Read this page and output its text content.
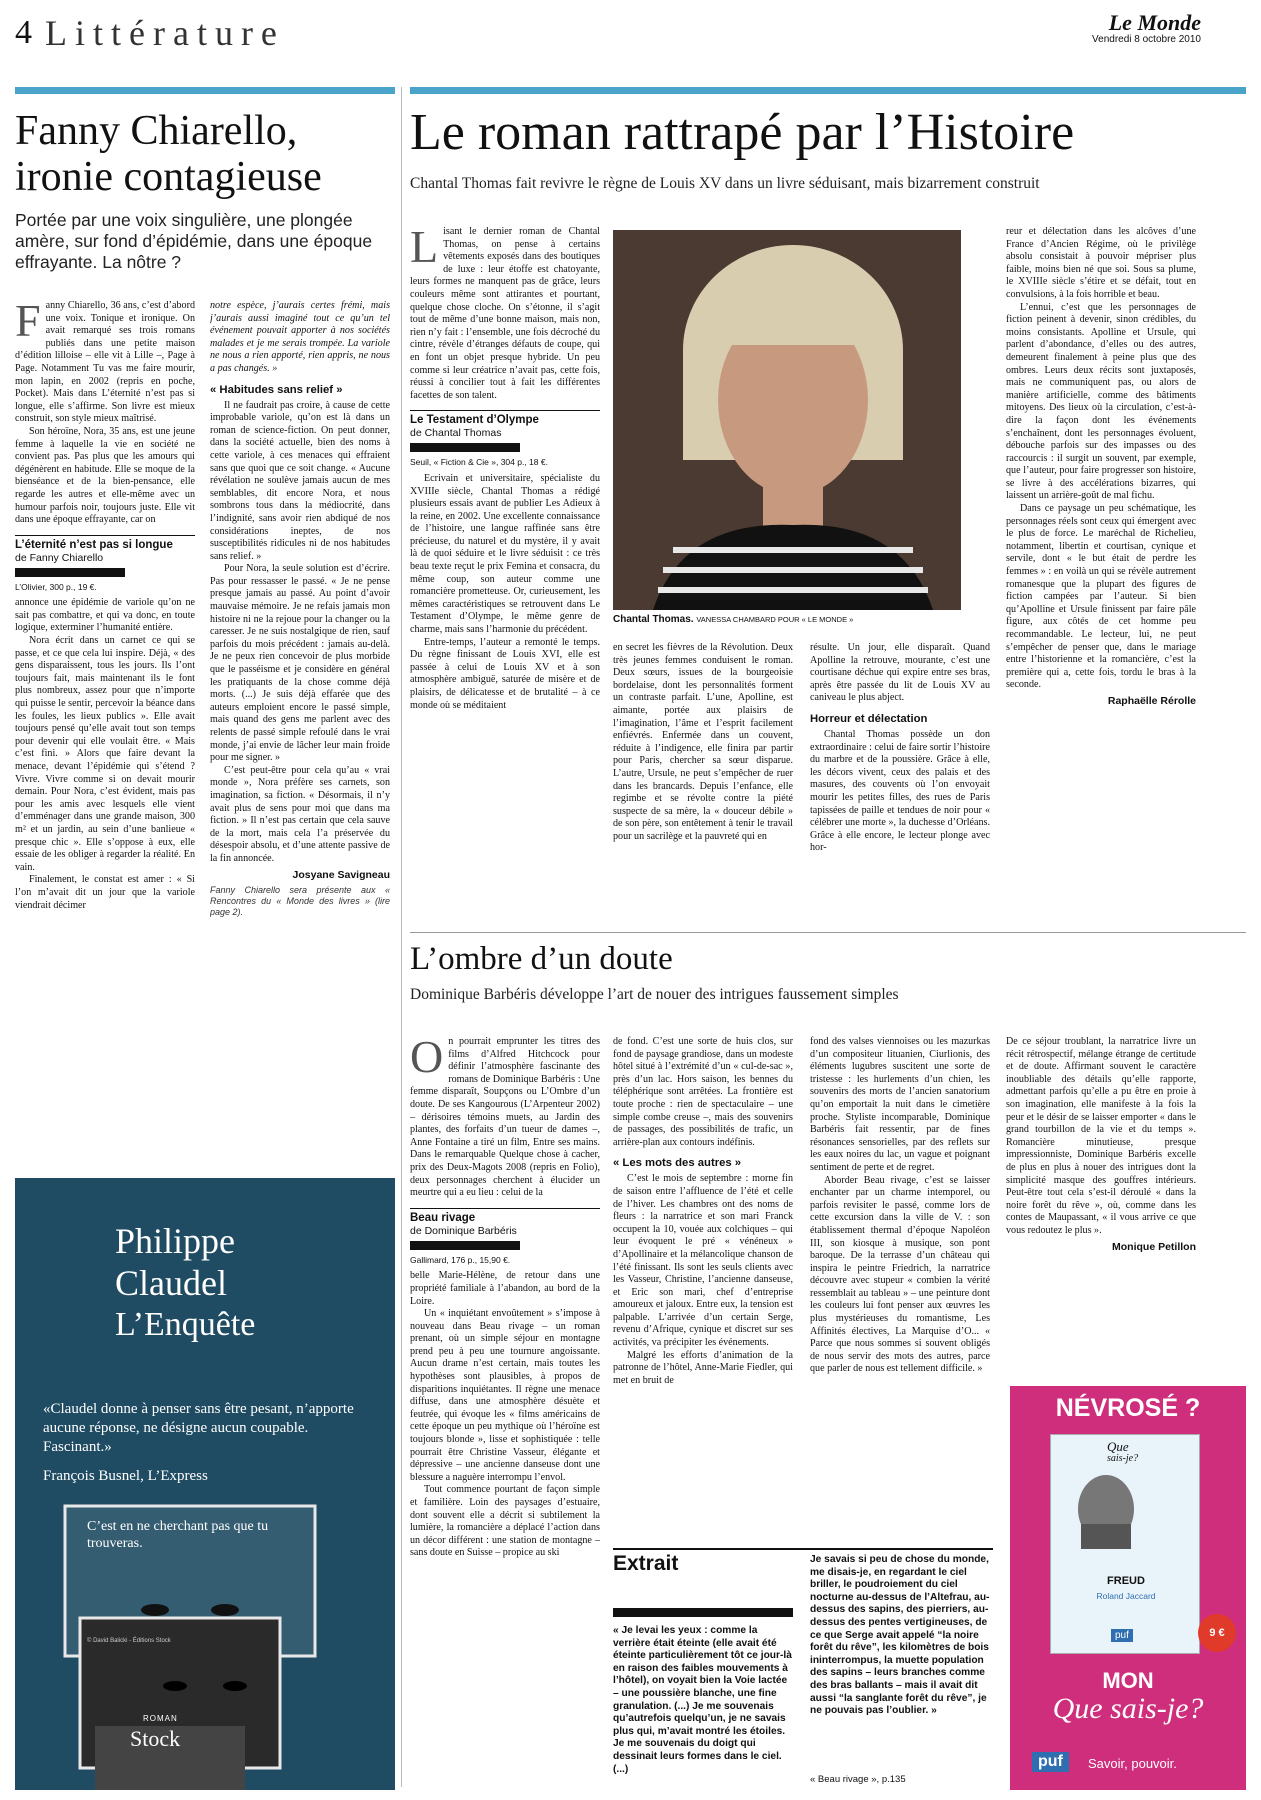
4 Littérature	Le Monde
Vendredi 8 octobre 2010
Fanny Chiarello, ironie contagieuse
Portée par une voix singulière, une plongée amère, sur fond d’épidémie, dans une époque effrayante. La nôtre ?
F anny Chiarello, 36 ans, c’est d’abord une voix. Tonique et ironique. On avait remarqué ses trois romans publiés dans une petite maison d’édition lilloise – elle vit à Lille –, Page à Page. Notamment Tu vas me faire mourir, mon lapin, en 2002 (repris en poche, Pocket). Mais dans L’éternité n’est pas si longue, elle s’affirme. Son livre est mieux construit, son style mieux maîtrisé.

Son héroïne, Nora, 35 ans, est une jeune femme à laquelle la vie en société ne convient pas. Pas plus que les amours qui dégénèrent en habitude. Elle se moque de la bienséance et de la bien-pensance, elle regarde les autres et elle-même avec un humour parfois noir, toujours juste. Elle vit dans une époque effrayante, car on

L’éternité n’est pas si longue
de Fanny Chiarello
L’Olivier, 300 p., 19 €.

annonce une épidémie de variole qu’on ne sait pas combattre, et qui va donc, en toute logique, exterminer l’humanité entière.

Nora écrit dans un carnet ce qui se passe, et ce que cela lui inspire. Déjà, « des gens disparaissent, tous les jours. Ils l’ont toujours fait, mais maintenant ils le font plus nombreux, assez pour que n’importe qui puisse le sentir, percevoir la béance dans les foules, les lieux publics ». Elle avait toujours pensé qu’elle avait tout son temps pour devenir qui elle voulait être. « Mais c’est fini. » Alors que faire devant la menace, devant l’épidémie qui s’étend ? Vivre. Vivre comme si on devait mourir demain. Pour Nora, c’est évident, mais pas pour les amis avec lesquels elle vient d’emménager dans une grande maison, 300 m² et un jardin, au sein d’une banlieue « presque chic ». Elle s’oppose à eux, elle essaie de les obliger à regarder la réalité. En vain.

Finalement, le constat est amer : « Si l’on m’avait dit un jour que la variole viendrait décimer

notre espèce, j’aurais certes frémi, mais j’aurais aussi imaginé tout ce qu’un tel événement pouvait apporter à nos sociétés malades et je me serais trompée. La variole ne nous a rien apporté, rien appris, ne nous a pas changés. »

« Habitudes sans relief »

Il ne faudrait pas croire, à cause de cette improbable variole, qu’on est là dans un roman de science-fiction. On peut donner, dans la société actuelle, bien des noms à cette variole, à ces menaces qui effraient sans que quoi que ce soit change. « Aucune révélation ne soulève jamais aucun de mes semblables, dit encore Nora, et nous sombrons tous dans la médiocrité, dans l’indignité, sans avoir rien abdiqué de nos considérations ineptes, de nos susceptibilités ridicules ni de nos habitudes sans relief. »

Pour Nora, la seule solution est d’écrire. Pas pour ressasser le passé. « Je ne pense presque jamais au passé. Au point d’avoir mauvaise mémoire. Je ne refais jamais mon histoire ni ne la rejoue pour la changer ou la caresser. Je ne suis nostalgique de rien, sauf parfois du mois précédent : jamais au-delà. Je ne peux rien concevoir de plus morbide que le passéisme et je considère en général les pratiquants de la chose comme déjà morts. (...) Je suis déjà effarée que des auteurs emploient encore le passé simple, mais quand des gens me parlent avec des relents de passé simple refoulé dans le vrai monde, j’ai envie de lâcher leur main froide pour me signer. »

C’est peut-être pour cela qu’au « vrai monde », Nora préfère ses carnets, son imagination, sa fiction. « Désormais, il n’y avait plus de sens pour moi que dans ma fiction. » Il n’est pas certain que cela sauve de la mort, mais cela l’a préservée du désespoir absolu, et d’une attente passive de la fin annoncée.

Josyane Savigneau
Fanny Chiarello sera présente aux « Rencontres du « Monde des livres » (lire page 2).
Philippe
Claudel
L’Enquête
«Claudel donne à penser sans être pesant, n’apporte aucune réponse, ne désigne aucun coupable. Fascinant.»
François Busnel, L’Express
C’est en ne cherchant pas que tu trouveras.
© David Balicki - Éditions Stock
ROMAN
Stock
Le roman rattrapé par l’Histoire
Chantal Thomas fait revivre le règne de Louis XV dans un livre séduisant, mais bizarrement construit
L isant le dernier roman de Chantal Thomas, on pense à certains vêtements exposés dans des boutiques de luxe : leur étoffe est chatoyante, leurs formes ne manquent pas de grâce, leurs couleurs même sont attirantes et pourtant, quelque chose cloche. On s’étonne, il s’agit tout de même d’une bonne maison, mais non, rien n’y fait : l’ensemble, une fois décroché du cintre, révèle d’étranges défauts de coupe, qui en font un objet presque hybride. Un peu comme si leur créatrice n’avait pas, cette fois, réussi à concilier tout à fait les différentes facettes de son talent.

Le Testament d’Olympe
de Chantal Thomas
Seuil, « Fiction & Cie », 304 p., 18 €.

Ecrivain et universitaire, spécialiste du XVIIIe siècle, Chantal Thomas a rédigé plusieurs essais avant de publier Les Adieux à la reine, en 2002. Une excellente connaissance de l’histoire, une langue raffinée sans être précieuse, du naturel et du mystère, il y avait là de quoi séduire et le livre séduisit : ce très beau texte reçut le prix Femina et consacra, du même coup, son auteur comme une romancière prometteuse. Or, curieusement, les mêmes caractéristiques se retrouvent dans Le Testament d’Olympe, le même genre de charme, mais sans l’harmonie du précédent.

Entre-temps, l’auteur a remonté le temps. Du règne finissant de Louis XVI, elle est passée à celui de Louis XV et à son atmosphère ambiguë, saturée de misère et de plaisirs, de délicatesse et de brutalité – à ce monde où se méditaient

Chantal Thomas. VANESSA CHAMBARD POUR « LE MONDE »

en secret les fièvres de la Révolution. Deux très jeunes femmes conduisent le roman. Deux sœurs, issues de la bourgeoisie bordelaise, dont les personnalités forment un contraste parfait. L’une, Apolline, est aimante, portée aux plaisirs de l’imagination, l’âme et l’esprit facilement enfiévrés. Enfermée dans un couvent, réduite à l’indigence, elle finira par partir pour Paris, chercher sa sœur disparue. L’autre, Ursule, ne peut s’empêcher de ruer dans les brancards. Depuis l’enfance, elle regimbe et se révolte contre la piété suspecte de sa mère, la « douceur débile » de son père, son entêtement à tenir le travail pour un sacrilège et la pauvreté qui en

résulte. Un jour, elle disparaît. Quand Apolline la retrouve, mourante, c’est une courtisane déchue qui expire entre ses bras, après être passée du lit de Louis XV au caniveau le plus abject.

Horreur et délectation

Chantal Thomas possède un don extraordinaire : celui de faire sortir l’histoire du marbre et de la poussière. Grâce à elle, les décors vivent, ceux des palais et des masures, des couvents où l’on envoyait mourir les petites filles, des rues de Paris tapissées de paille et tendues de noir pour « célébrer une morte », la duchesse d’Orléans. Grâce à elle encore, le lecteur plonge avec hor-

reur et délectation dans les alcôves d’une France d’Ancien Régime, où le privilège absolu consistait à pouvoir mépriser plus faible, moins bien né que soi. Sous sa plume, le XVIIIe siècle s’étire et se défait, tout en convulsions, à la fois horrible et beau.

L’ennui, c’est que les personnages de fiction peinent à devenir, sinon crédibles, du moins consistants. Apolline et Ursule, qui parlent d’abondance, d’elles ou des autres, demeurent finalement à peine plus que des ombres. Leurs deux récits sont juxtaposés, mais ne communiquent pas, ou alors de manière artificielle, comme des bâtiments mitoyens. Des lieux où la circulation, c’est-à-dire la façon dont les événements s’enchaînent, dont les personnages évoluent, débouche parfois sur des impasses ou des raccourcis : il surgit un souvent, par exemple, que l’auteur, pour faire progresser son histoire, se livre à des accélérations bizarres, qui laissent un arrière-goût de mal fichu.

Dans ce paysage un peu schématique, les personnages réels sont ceux qui émergent avec le plus de force. Le maréchal de Richelieu, notamment, libertin et courtisan, cynique et servile, dont « le but était de perdre les femmes » : en voilà un qui se révèle autrement romanesque que la plupart des figures de fiction campées par l’auteur. Si bien qu’Apolline et Ursule finissent par faire pâle figure, aux côtés de cet homme peu recommandable. Le lecteur, lui, ne peut s’empêcher de penser que, dans le mariage entre l’historienne et la romancière, c’est la première qui a, cette fois, tordu le bras à la seconde.

Raphaëlle Rérolle
L’ombre d’un doute
Dominique Barbéris développe l’art de nouer des intrigues faussement simples
O n pourrait emprunter les titres des films d’Alfred Hitchcock pour définir l’atmosphère fascinante des romans de Dominique Barbéris : Une femme disparaît, Soupçons ou L’Ombre d’un doute. De ses Kangourous (L’Arpenteur 2002) – dérisoires témoins muets, au Jardin des plantes, des forfaits d’un tueur de dames –, Anne Fontaine a tiré un film, Entre ses mains. Dans le remarquable Quelque chose à cacher, prix des Deux-Magots 2008 (repris en Folio), deux personnages cherchent à élucider un meurtre qui a eu lieu : celui de la

Beau rivage
de Dominique Barbéris
Gallimard, 176 p., 15,90 €.

belle Marie-Hélène, de retour dans une propriété familiale à l’abandon, au bord de la Loire.

Un « inquiétant envoûtement » s’impose à nouveau dans Beau rivage – un roman prenant, où un simple séjour en montagne prend peu à peu une tournure angoissante. Aucun drame n’est certain, mais toutes les hypothèses sont plausibles, à propos de disparitions inquiétantes. Il règne une menace diffuse, dans une atmosphère désuète et feutrée, qui évoque les « films américains de cette époque un peu mythique où l’héroïne est toujours blonde », lisse et sophistiquée : telle pourrait être Christine Vasseur, élégante et dépressive – une ancienne danseuse dont une blessure a naguère interrompu l’envol.

Tout commence pourtant de façon simple et familière. Loin des paysages d’estuaire, dont souvent elle a décrit si subtilement la lumière, la romancière a déplacé l’action dans un décor différent : une station de montagne – sans doute en Suisse – propice au ski

de fond. C’est une sorte de huis clos, sur fond de paysage grandiose, dans un modeste hôtel situé à l’extrémité d’un « cul-de-sac », près d’un lac. Hors saison, les bennes du téléphérique sont arrêtées. La frontière est toute proche : rien de spectaculaire – une simple combe creuse –, mais des souvenirs de passages, des possibilités de trafic, un arrière-plan aux contours indéfinis.

« Les mots des autres »

C’est le mois de septembre : morne fin de saison entre l’affluence de l’été et celle de l’hiver. Les chambres ont des noms de fleurs : la narratrice et son mari Franck occupent la 10, vouée aux colchiques – qui leur évoquent le pré « vénéneux » d’Apollinaire et la mélancolique chanson de l’été finissant. Ils sont les seuls clients avec les Vasseur, Christine, l’ancienne danseuse, et Eric son mari, chef d’entreprise amoureux et jaloux. Entre eux, la tension est palpable. L’arrivée d’un certain Serge, revenu d’Afrique, cynique et discret sur ses activités, va précipiter les événements.

Malgré les efforts d’animation de la patronne de l’hôtel, Anne-Marie Fiedler, qui met en bruit de

fond des valses viennoises ou les mazurkas d’un compositeur lituanien, Ciurlionis, des éléments lugubres suscitent une sorte de tristesse : les hurlements d’un chien, les souvenirs des morts de l’ancien sanatorium qu’on emportait la nuit dans le cimetière proche. Styliste incomparable, Dominique Barbéris fait ressentir, par de fines résonances sensorielles, par des reflets sur les eaux noires du lac, un vague et poignant sentiment de perte et de regret.

Aborder Beau rivage, c’est se laisser enchanter par un charme intemporel, ou parfois revisiter le passé, comme lors de cette excursion dans la ville de V. : son établissement thermal d’époque Napoléon III, son kiosque à musique, son pont baroque. De la terrasse d’un château qui inspira le peintre Friedrich, la narratrice découvre avec stupeur « combien la vérité ressemblait au tableau » – une peinture dont les couleurs lui font penser aux œuvres les plus mystérieuses du romantisme, Les Affinités électives, La Marquise d’O... « Parce que nous sommes si souvent obligés de nous servir des mots des autres, parce que parler de nous est tellement difficile. »

De ce séjour troublant, la narratrice livre un récit rétrospectif, mélange étrange de certitude et de doute. Affirmant souvent le caractère inoubliable des détails qu’elle rapporte, admettant parfois qu’elle a pu être en proie à son imagination, elle manifeste à la fois la peur et le désir de se laisser emporter « dans le grand tourbillon de la vie et du temps ». Romancière minutieuse, presque impressionniste, Dominique Barbéris excelle de plus en plus à nouer des intrigues dont la simplicité masque des gouffres intérieurs. Peut-être tout cela s’est-il déroulé « dans la noire forêt du rêve », où, comme dans les contes de Maupassant, « il vous arrive ce que vous redoutez le plus ».

Monique Petillon
Extrait
« Je levai les yeux : comme la verrière était éteinte (elle avait été éteinte particulièrement tôt ce jour-là en raison des faibles mouvements à l’hôtel), on voyait bien la Voie lactée – une poussière blanche, une fine granulation. (...) Je me souvenais qu’autrefois quelqu’un, je ne savais plus qui, m’avait montré les étoiles. Je me souvenais du doigt qui dessinait leurs formes dans le ciel. (...)
Je savais si peu de chose du monde, me disais-je, en regardant le ciel briller, le poudroiement du ciel nocturne au-dessus de l’Altefrau, au-dessus des sapins, des pierriers, au-dessus des pentes vertigineuses, de ce que Serge avait appelé “la noire forêt du rêve”, les kilomètres de bois ininterrompus, la muette population des sapins – leurs branches comme des bras ballants – mais il avait dit aussi “la sanglante forêt du rêve”, je ne pouvais pas l’oublier. »
« Beau rivage », p.135
NÉVROSÉ ?
Que
sais-je?
FREUD
Roland Jaccard
puf	9 €
MON
Que sais-je?
puf	Savoir, pouvoir.
